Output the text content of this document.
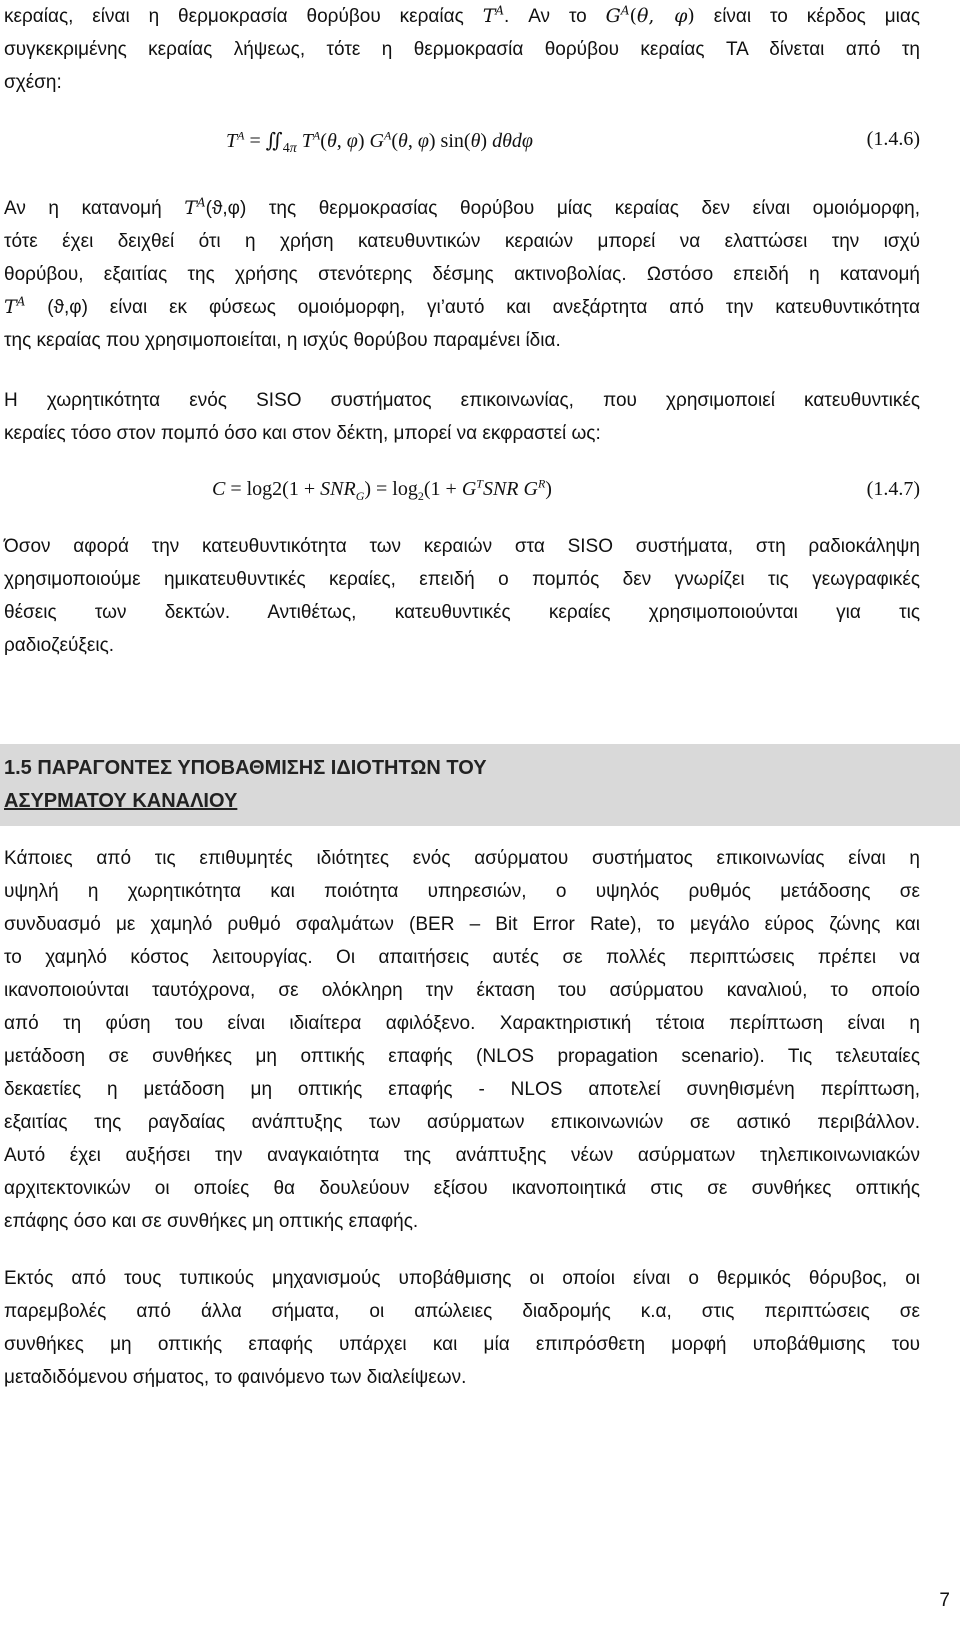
κεραίας, είναι η θερμοκρασία θορύβου κεραίας $T^A$. Αν το $G^A(\theta$, φ) είναι το κέρδος μιας
συγκεκριμένης κεραίας λήψεως, τότε η θερμοκρασία θορύβου κεραίας TA δίνεται από τη
σχέση:
$T^A$ = $∬_{4\pi}$ $T^A(\theta$, φ) $G^A(\theta$, φ) sin(θ) dθdφ	(1.4.6)
Αν η κατανομή $T^A(ϑ,\varphi)$ της θερμοκρασίας θορύβου μίας κεραίας δεν είναι ομοιόμορφη,
τότε έχει δειχθεί ότι η χρήση κατευθυντικών κεραιών μπορεί να ελαττώσει την ισχύ
θορύβου, εξαιτίας της χρήσης στενότερης δέσμης ακτινοβολίας. Ωστόσο επειδή η κατανομή
$T^A$ (ϑ,φ) είναι εκ φύσεως ομοιόμορφη, γι’αυτό και ανεξάρτητα από την κατευθυντικότητα
της κεραίας που χρησιμοποιείται, η ισχύς θορύβου παραμένει ίδια.
Η χωρητικότητα ενός SISO συστήματος επικοινωνίας, που χρησιμοποιεί κατευθυντικές
κεραίες τόσο στον πομπό όσο και στον δέκτη, μπορεί να εκφραστεί ως:
$C = \log 2(1 + SNR_G) = \log_2(1 + G^TSNR$ $G^R$)	(1.4.7)
Όσον αφορά την κατευθυντικότητα των κεραιών στα SISO συστήματα, στη ραδιοκάληψη
χρησιμοποιούμε ημικατευθυντικές κεραίες, επειδή ο πομπός δεν γνωρίζει τις γεωγραφικές
θέσεις των δεκτών. Αντιθέτως, κατευθυντικές κεραίες χρησιμοποιούνται για τις
ραδιοζεύξεις.
1.5 ΠΑΡΑΓΟΝΤΕΣ ΥΠΟΒΑΘΜΙΣΗΣ ΙΔΙΟΤΗΤΩΝ ΤΟΥ
ΑΣΥΡΜΑΤΟΥ ΚΑΝΑΛΙΟΥ
Κάποιες από τις επιθυμητές ιδιότητες ενός ασύρματου συστήματος επικοινωνίας είναι η
υψηλή η χωρητικότητα και ποιότητα υπηρεσιών, ο υψηλός ρυθμός μετάδοσης σε
συνδυασμό με χαμηλό ρυθμό σφαλμάτων (BER – Bit Error Rate), το μεγάλο εύρος ζώνης και
το χαμηλό κόστος λειτουργίας. Οι απαιτήσεις αυτές σε πολλές περιπτώσεις πρέπει να
ικανοποιούνται ταυτόχρονα, σε ολόκληρη την έκταση του ασύρματου καναλιού, το οποίο
από τη φύση του είναι ιδιαίτερα αφιλόξενο. Χαρακτηριστική τέτοια περίπτωση είναι η
μετάδοση σε συνθήκες μη οπτικής επαφής (NLOS propagation scenario). Τις τελευταίες
δεκαετίες η μετάδοση μη οπτικής επαφής - NLOS αποτελεί συνηθισμένη περίπτωση,
εξαιτίας της ραγδαίας ανάπτυξης των ασύρματων επικοινωνιών σε αστικό περιβάλλον.
Αυτό έχει αυξήσει την αναγκαιότητα της ανάπτυξης νέων ασύρματων τηλεπικοινωνιακών
αρχιτεκτονικών οι οποίες θα δουλεύουν εξίσου ικανοποιητικά στις σε συνθήκες οπτικής
επάφης όσο και σε συνθήκες μη οπτικής επαφής.
Εκτός από τους τυπικούς μηχανισμούς υποβάθμισης οι οποίοι είναι ο θερμικός θόρυβος, οι
παρεμβολές από άλλα σήματα, οι απώλειες διαδρομής κ.α, στις περιπτώσεις σε
συνθήκες μη οπτικής επαφής υπάρχει και μία επιπρόσθετη μορφή υποβάθμισης του
μεταδιδόμενου σήματος, το φαινόμενο των διαλείψεων.
7
